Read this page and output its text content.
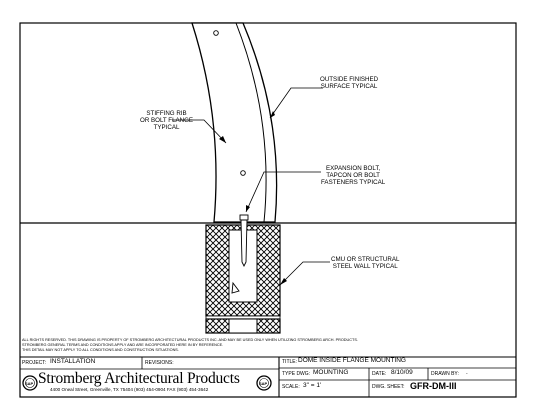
OUTSIDE FINISHED
SURFACE TYPICAL
STIFFING RIB
OR BOLT FLANGE
TYPICAL
EXPANSION BOLT,
TAPCON OR BOLT
FASTENERS TYPICAL
CMU OR STRUCTURAL
STEEL WALL TYPICAL
ALL RIGHTS RESERVED. THIS DRAWING IS PROPERTY OF STROMBERG ARCHITECTURAL PRODUCTS INC. AND MAY BE USED ONLY WHEN UTILIZING STROMBERG ARCH. PRODUCTS.
STROMBERG GENERAL TERMS AND CONDITIONS APPLY AND ARE INCORPORATED HERE IN BY REFERENCE.
THIS DETAIL MAY NOT APPLY TO ALL CONDITIONS AND CONSTRUCTION SITUATIONS.
PROJECT: INSTALLATION	REVISIONS:	TITLE: DOME INSIDE FLANGE MOUNTING
TYPE DWG: MOUNTING	DATE: 8/10/09	DRAWN BY: .
SCALE: 3" = 1'	DWG. SHEET: GFR-DM-III
SAP	SAP
Stromberg Architectural Products
4400 Oneal Street, Greenville, TX 75404 (903) 454-0904 FAX (903) 454-3642
